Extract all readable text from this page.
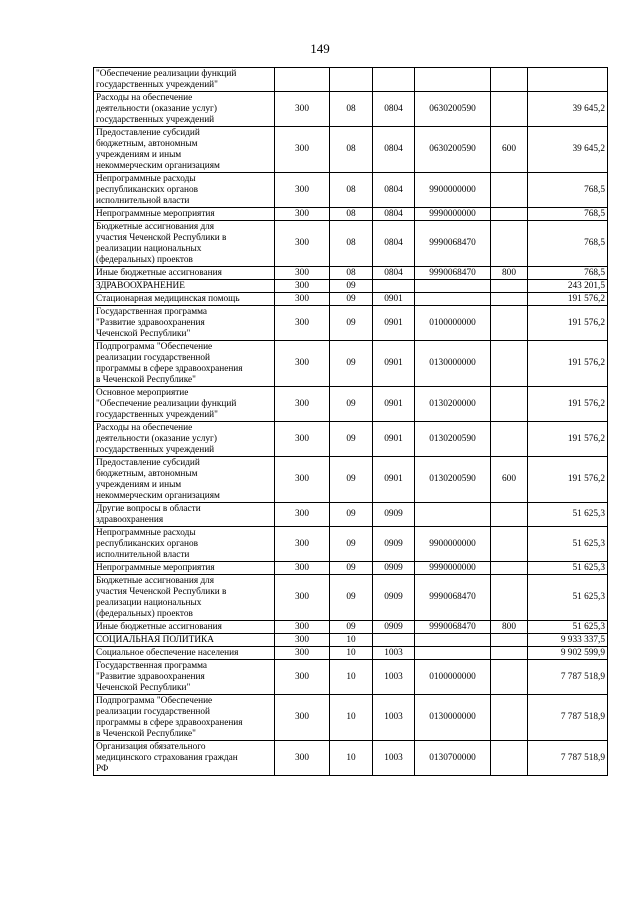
149
"Обеспечение реализации функций
государственных учреждений"						
Расходы на обеспечение
деятельности (оказание услуг)
государственных учреждений	300	08	0804	0630200590		39 645,2
Предоставление субсидий
бюджетным, автономным
учреждениям и иным
некоммерческим организациям	300	08	0804	0630200590	600	39 645,2
Непрограммные расходы
республиканских органов
исполнительной власти	300	08	0804	9900000000		768,5
Непрограммные мероприятия	300	08	0804	9990000000		768,5
Бюджетные ассигнования для
участия Чеченской Республики в
реализации национальных
(федеральных) проектов	300	08	0804	9990068470		768,5
Иные бюджетные ассигнования	300	08	0804	9990068470	800	768,5
ЗДРАВООХРАНЕНИЕ	300	09				243 201,5
Стационарная медицинская помощь	300	09	0901			191 576,2
Государственная программа
"Развитие здравоохранения
Чеченской Республики"	300	09	0901	0100000000		191 576,2
Подпрограмма "Обеспечение
реализации государственной
программы в сфере здравоохранения
в Чеченской Республике"	300	09	0901	0130000000		191 576,2
Основное мероприятие
"Обеспечение реализации функций
государственных учреждений"	300	09	0901	0130200000		191 576,2
Расходы на обеспечение
деятельности (оказание услуг)
государственных учреждений	300	09	0901	0130200590		191 576,2
Предоставление субсидий
бюджетным, автономным
учреждениям и иным
некоммерческим организациям	300	09	0901	0130200590	600	191 576,2
Другие вопросы в области
здравоохранения	300	09	0909			51 625,3
Непрограммные расходы
республиканских органов
исполнительной власти	300	09	0909	9900000000		51 625,3
Непрограммные мероприятия	300	09	0909	9990000000		51 625,3
Бюджетные ассигнования для
участия Чеченской Республики в
реализации национальных
(федеральных) проектов	300	09	0909	9990068470		51 625,3
Иные бюджетные ассигнования	300	09	0909	9990068470	800	51 625,3
СОЦИАЛЬНАЯ ПОЛИТИКА	300	10				9 933 337,5
Социальное обеспечение населения	300	10	1003			9 902 599,9
Государственная программа
"Развитие здравоохранения
Чеченской Республики"	300	10	1003	0100000000		7 787 518,9
Подпрограмма "Обеспечение
реализации государственной
программы в сфере здравоохранения
в Чеченской Республике"	300	10	1003	0130000000		7 787 518,9
Организация обязательного
медицинского страхования граждан
РФ	300	10	1003	0130700000		7 787 518,9
